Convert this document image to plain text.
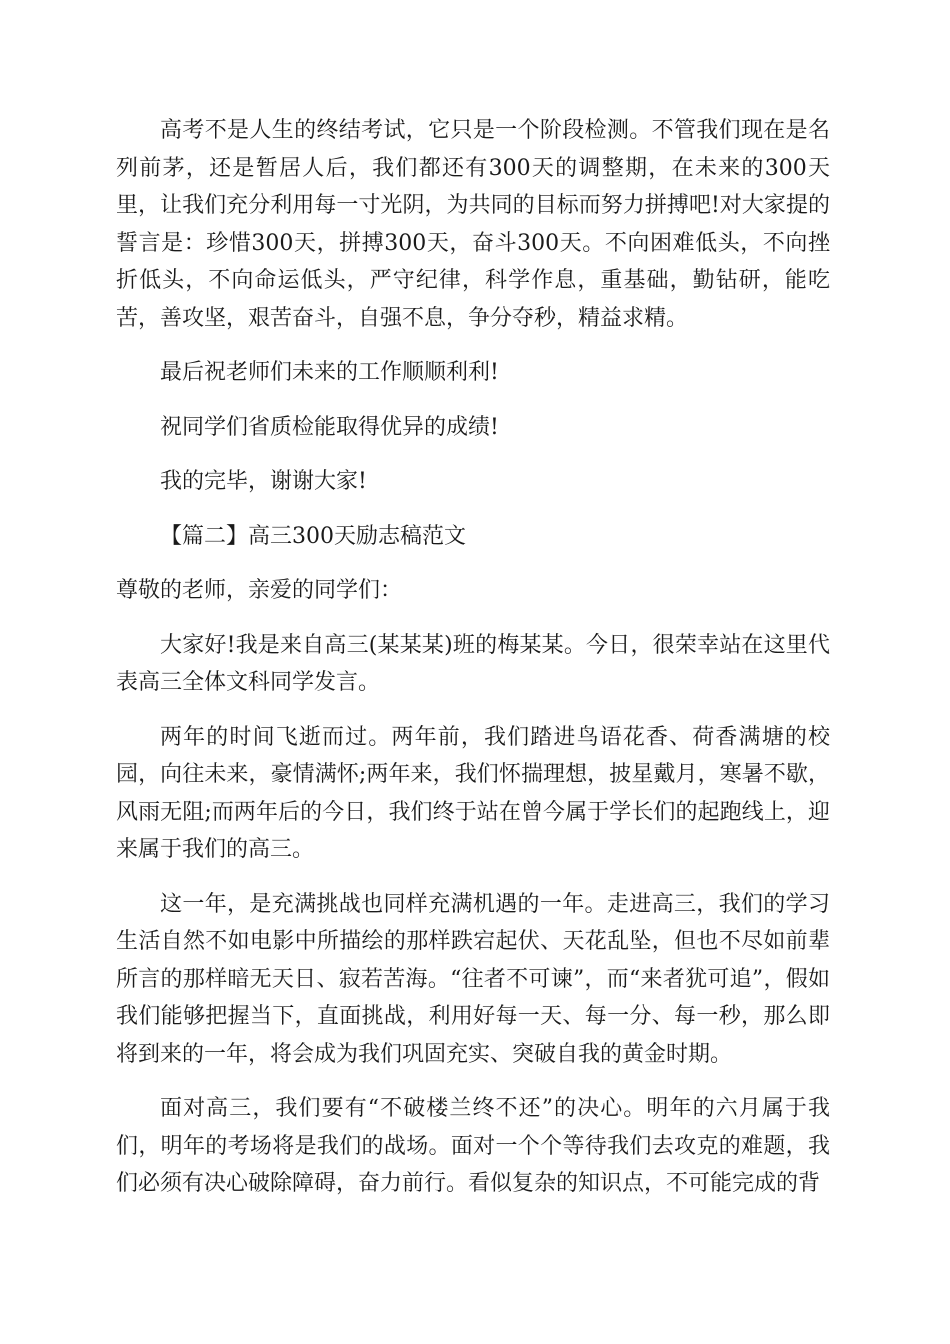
高考不是人生的终结考试，它只是一个阶段检测。不管我们现在是名列前茅，还是暂居人后，我们都还有300天的调整期，在未来的300天里，让我们充分利用每一寸光阴，为共同的目标而努力拼搏吧!对大家提的誓言是：珍惜300天，拼搏300天，奋斗300天。不向困难低头，不向挫折低头，不向命运低头，严守纪律，科学作息，重基础，勤钻研，能吃苦，善攻坚，艰苦奋斗，自强不息，争分夺秒，精益求精。

最后祝老师们未来的工作顺顺利利!

祝同学们省质检能取得优异的成绩!

我的完毕，谢谢大家!

【篇二】高三300天励志稿范文

尊敬的老师，亲爱的同学们：

大家好!我是来自高三(某某某)班的梅某某。今日，很荣幸站在这里代表高三全体文科同学发言。

两年的时间飞逝而过。两年前，我们踏进鸟语花香、荷香满塘的校园，向往未来，豪情满怀;两年来，我们怀揣理想，披星戴月，寒暑不歇，风雨无阻;而两年后的今日，我们终于站在曾今属于学长们的起跑线上，迎来属于我们的高三。

这一年，是充满挑战也同样充满机遇的一年。走进高三，我们的学习生活自然不如电影中所描绘的那样跌宕起伏、天花乱坠，但也不尽如前辈所言的那样暗无天日、寂若苦海。“往者不可谏”，而“来者犹可追”，假如我们能够把握当下，直面挑战，利用好每一天、每一分、每一秒，那么即将到来的一年，将会成为我们巩固充实、突破自我的黄金时期。

面对高三，我们要有“不破楼兰终不还”的决心。明年的六月属于我们，明年的考场将是我们的战场。面对一个个等待我们去攻克的难题，我们必须有决心破除障碍，奋力前行。看似复杂的知识点，不可能完成的背
